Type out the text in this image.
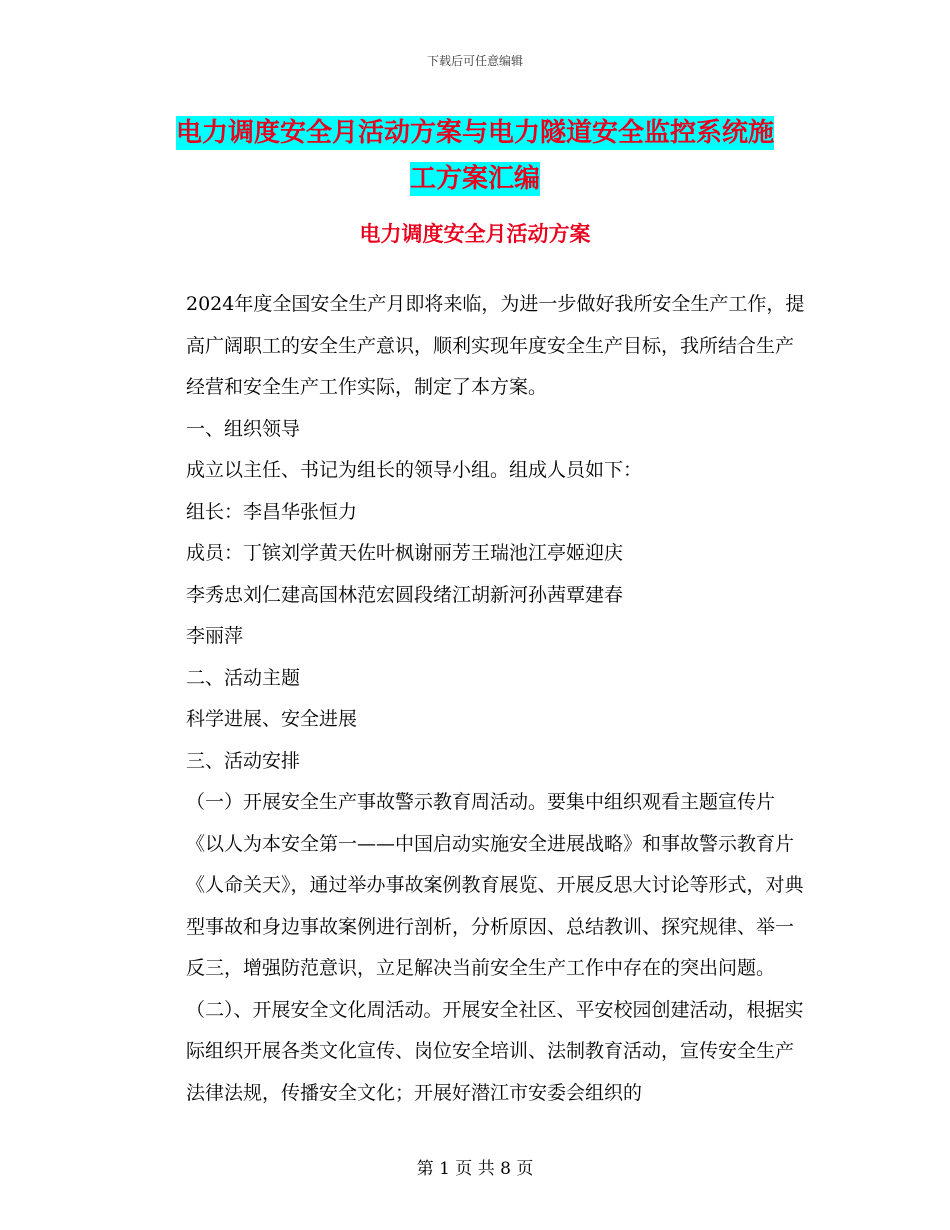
下载后可任意编辑
电力调度安全月活动方案与电力隧道安全监控系统施
工方案汇编
电力调度安全月活动方案

2024年度全国安全生产月即将来临，为进一步做好我所安全生产工作，提高广阔职工的安全生产意识，顺利实现年度安全生产目标，我所结合生产经营和安全生产工作实际，制定了本方案。

一、组织领导

成立以主任、书记为组长的领导小组。组成人员如下：

组长：李昌华张恒力

成员：丁镔刘学黄天佐叶枫谢丽芳王瑞池江亭姬迎庆

李秀忠刘仁建高国林范宏圆段绪江胡新河孙茜覃建春

李丽萍

二、活动主题

科学进展、安全进展

三、活动安排

（一）开展安全生产事故警示教育周活动。要集中组织观看主题宣传片《以人为本安全第一——中国启动实施安全进展战略》和事故警示教育片《人命关天》，通过举办事故案例教育展览、开展反思大讨论等形式，对典型事故和身边事故案例进行剖析，分析原因、总结教训、探究规律、举一反三，增强防范意识，立足解决当前安全生产工作中存在的突出问题。

（二）、开展安全文化周活动。开展安全社区、平安校园创建活动，根据实际组织开展各类文化宣传、岗位安全培训、法制教育活动，宣传安全生产法律法规，传播安全文化；开展好潜江市安委会组织的

第 1 页 共 8 页
